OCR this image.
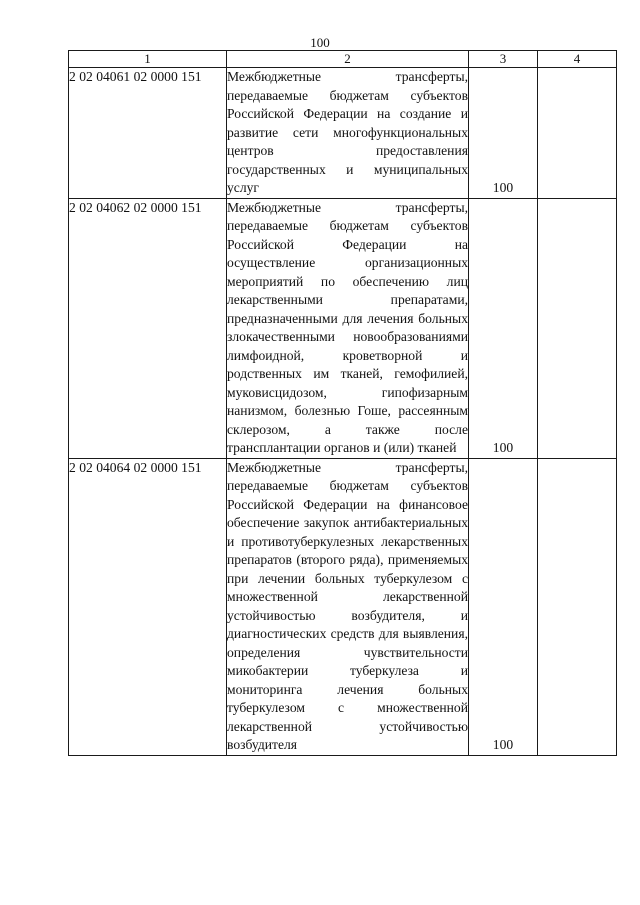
100
1	2	3	4
2 02 04061 02 0000 151	Межбюджетные трансферты, передаваемые бюджетам субъектов Российской Федерации на создание и развитие сети многофункциональных центров предоставления государственных и муниципальных услуг	100	
2 02 04062 02 0000 151	Межбюджетные трансферты, передаваемые бюджетам субъектов Российской Федерации на осуществление организационных мероприятий по обеспечению лиц лекарственными препаратами, предназначенными для лечения больных злокачественными новообразованиями лимфоидной, кроветворной и родственных им тканей, гемофилией, муковисцидозом, гипофизарным нанизмом, болезнью Гоше, рассеянным склерозом, а также после трансплантации органов и (или) тканей	100	
2 02 04064 02 0000 151	Межбюджетные трансферты, передаваемые бюджетам субъектов Российской Федерации на финансовое обеспечение закупок антибактериальных и противотуберкулезных лекарственных препаратов (второго ряда), применяемых при лечении больных туберкулезом с множественной лекарственной устойчивостью возбудителя, и диагностических средств для выявления, определения чувствительности микобактерии туберкулеза и мониторинга лечения больных туберкулезом с множественной лекарственной устойчивостью возбудителя	100	
